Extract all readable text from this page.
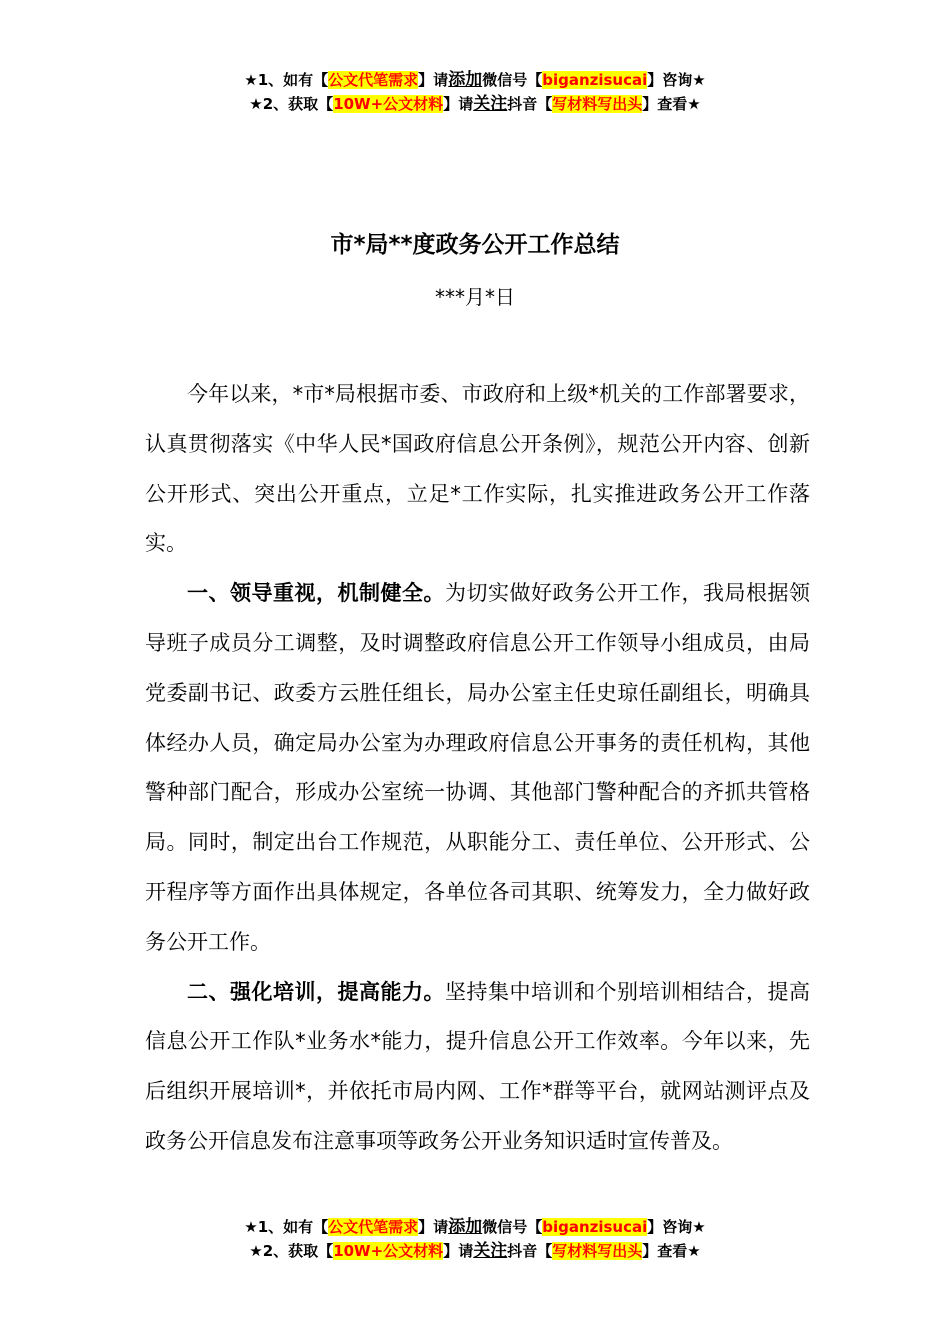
★1、如有【公文代笔需求】请添加微信号【biganzisucai】咨询★
★2、获取【10W+公文材料】请关注抖音【写材料写出头】查看★
市*局**度政务公开工作总结
***月*日

今年以来，*市*局根据市委、市政府和上级*机关的工作部署要求，认真贯彻落实《中华人民*国政府信息公开条例》，规范公开内容、创新公开形式、突出公开重点，立足*工作实际，扎实推进政务公开工作落实。

一、领导重视，机制健全。为切实做好政务公开工作，我局根据领导班子成员分工调整，及时调整政府信息公开工作领导小组成员，由局党委副书记、政委方云胜任组长，局办公室主任史琼任副组长，明确具体经办人员，确定局办公室为办理政府信息公开事务的责任机构，其他警种部门配合，形成办公室统一协调、其他部门警种配合的齐抓共管格局。同时，制定出台工作规范，从职能分工、责任单位、公开形式、公开程序等方面作出具体规定，各单位各司其职、统筹发力，全力做好政务公开工作。

二、强化培训，提高能力。坚持集中培训和个别培训相结合，提高信息公开工作队*业务水*能力，提升信息公开工作效率。今年以来，先后组织开展培训*，并依托市局内网、工作*群等平台，就网站测评点及政务公开信息发布注意事项等政务公开业务知识适时宣传普及。

★1、如有【公文代笔需求】请添加微信号【biganzisucai】咨询★
★2、获取【10W+公文材料】请关注抖音【写材料写出头】查看★
